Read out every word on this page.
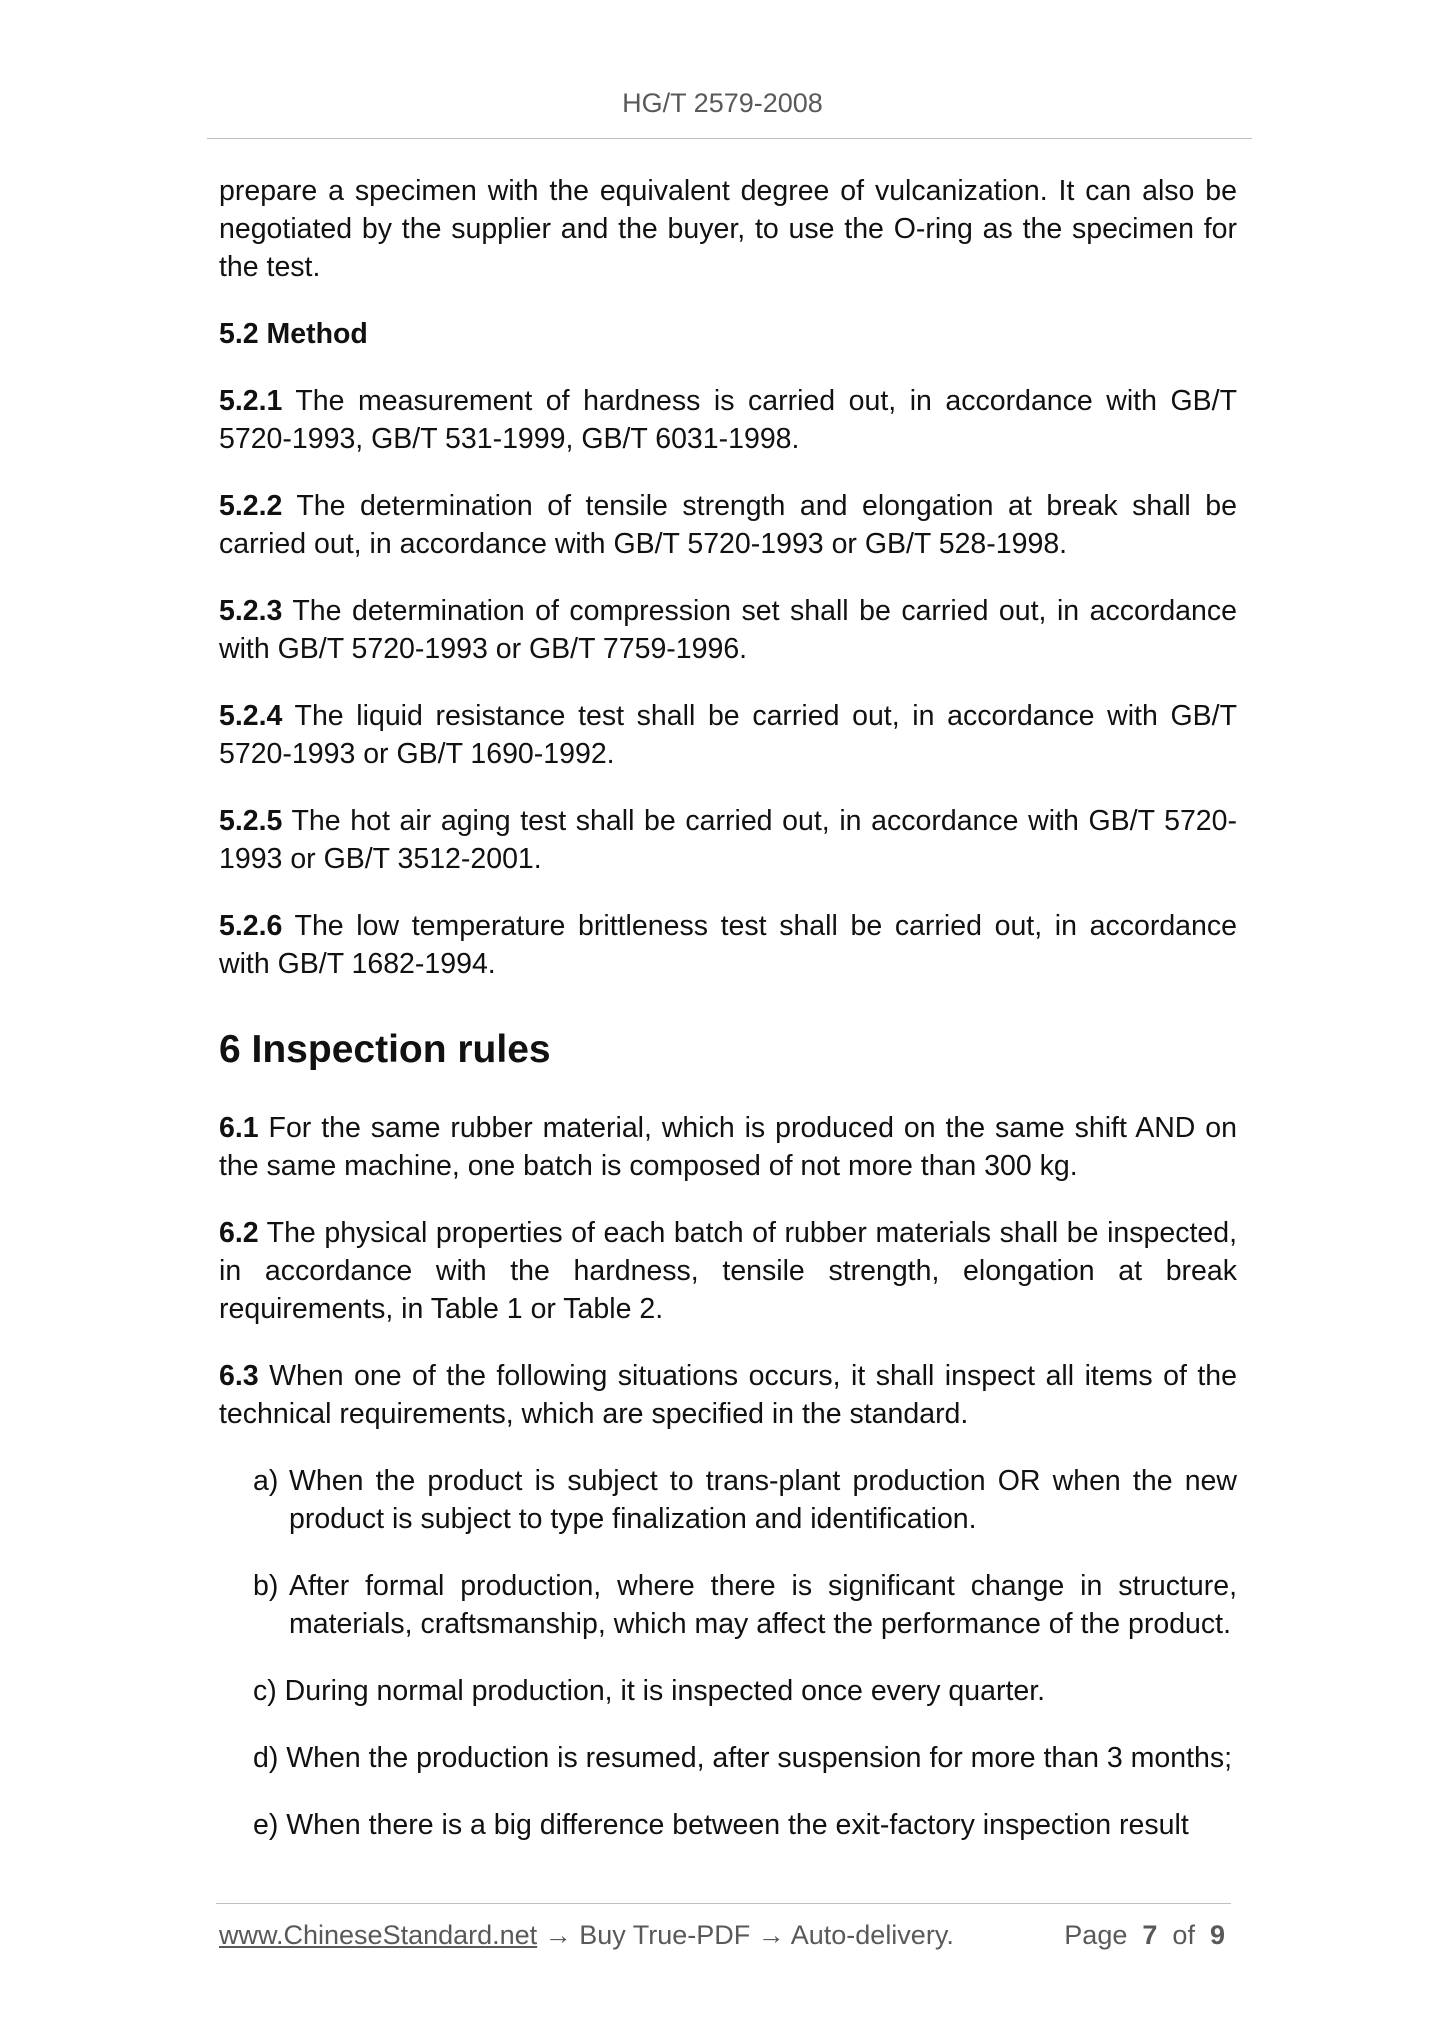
HG/T 2579-2008

prepare a specimen with the equivalent degree of vulcanization. It can also be negotiated by the supplier and the buyer, to use the O-ring as the specimen for the test.

5.2 Method

5.2.1 The measurement of hardness is carried out, in accordance with GB/T 5720-1993, GB/T 531-1999, GB/T 6031-1998.

5.2.2 The determination of tensile strength and elongation at break shall be carried out, in accordance with GB/T 5720-1993 or GB/T 528-1998.

5.2.3 The determination of compression set shall be carried out, in accordance with GB/T 5720-1993 or GB/T 7759-1996.

5.2.4 The liquid resistance test shall be carried out, in accordance with GB/T 5720-1993 or GB/T 1690-1992.

5.2.5 The hot air aging test shall be carried out, in accordance with GB/T 5720-1993 or GB/T 3512-2001.

5.2.6 The low temperature brittleness test shall be carried out, in accordance with GB/T 1682-1994.

6 Inspection rules

6.1 For the same rubber material, which is produced on the same shift AND on the same machine, one batch is composed of not more than 300 kg.

6.2 The physical properties of each batch of rubber materials shall be inspected, in accordance with the hardness, tensile strength, elongation at break requirements, in Table 1 or Table 2.

6.3 When one of the following situations occurs, it shall inspect all items of the technical requirements, which are specified in the standard.

a) When the product is subject to trans-plant production OR when the new product is subject to type finalization and identification.
b) After formal production, where there is significant change in structure, materials, craftsmanship, which may affect the performance of the product.
c) During normal production, it is inspected once every quarter.
d) When the production is resumed, after suspension for more than 3 months;
e) When there is a big difference between the exit-factory inspection result
www.ChineseStandard.net → Buy True-PDF → Auto-delivery.	Page 7 of 9
